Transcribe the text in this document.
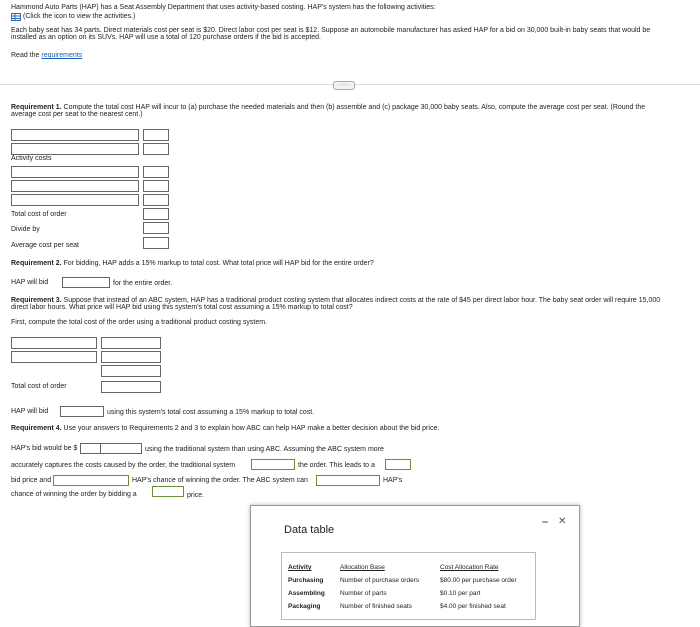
Hammond Auto Parts (HAP) has a Seat Assembly Department that uses activity-based costing. HAP's system has the following activities:
(Click the icon to view the activities.)
Each baby seat has 34 parts. Direct materials cost per seat is $20. Direct labor cost per seat is $12. Suppose an automobile manufacturer has asked HAP for a bid on 30,000 built-in baby seats that would be
installed as an option on its SUVs. HAP will use a total of 120 purchase orders if the bid is accepted.
Read the requirements
·····
Requirement 1. Compute the total cost HAP will incur to (a) purchase the needed materials and then (b) assemble and (c) package 30,000 baby seats. Also, compute the average cost per seat. (Round the
average cost per seat to the nearest cent.)
Activity costs
Total cost of order
Divide by
Average cost per seat
Requirement 2. For bidding, HAP adds a 15% markup to total cost. What total price will HAP bid for the entire order?
HAP will bid	for the entire order.
Requirement 3. Suppose that instead of an ABC system, HAP has a traditional product costing system that allocates indirect costs at the rate of $45 per direct labor hour. The baby seat order will require 15,000
direct labor hours. What price will HAP bid using this system's total cost assuming a 15% markup to total cost?
First, compute the total cost of the order using a traditional product costing system.
Total cost of order
HAP will bid	using this system's total cost assuming a 15% markup to total cost.
Requirement 4. Use your answers to Requirements 2 and 3 to explain how ABC can help HAP make a better decision about the bid price.
HAP's bid would be $	using the traditional system than using ABC. Assuming the ABC system more
accurately captures the costs caused by the order, the traditional system	the order. This leads to a
bid price and	HAP's chance of winning the order. The ABC system can	HAP's
chance of winning the order by bidding a	price.
Data table
– ✕
Activity	Allocation Base	Cost Allocation Rate
Purchasing	Number of purchase orders	$80.00 per purchase order
Assembling	Number of parts	$0.10 per part
Packaging	Number of finished seats	$4.00 per finished seat
